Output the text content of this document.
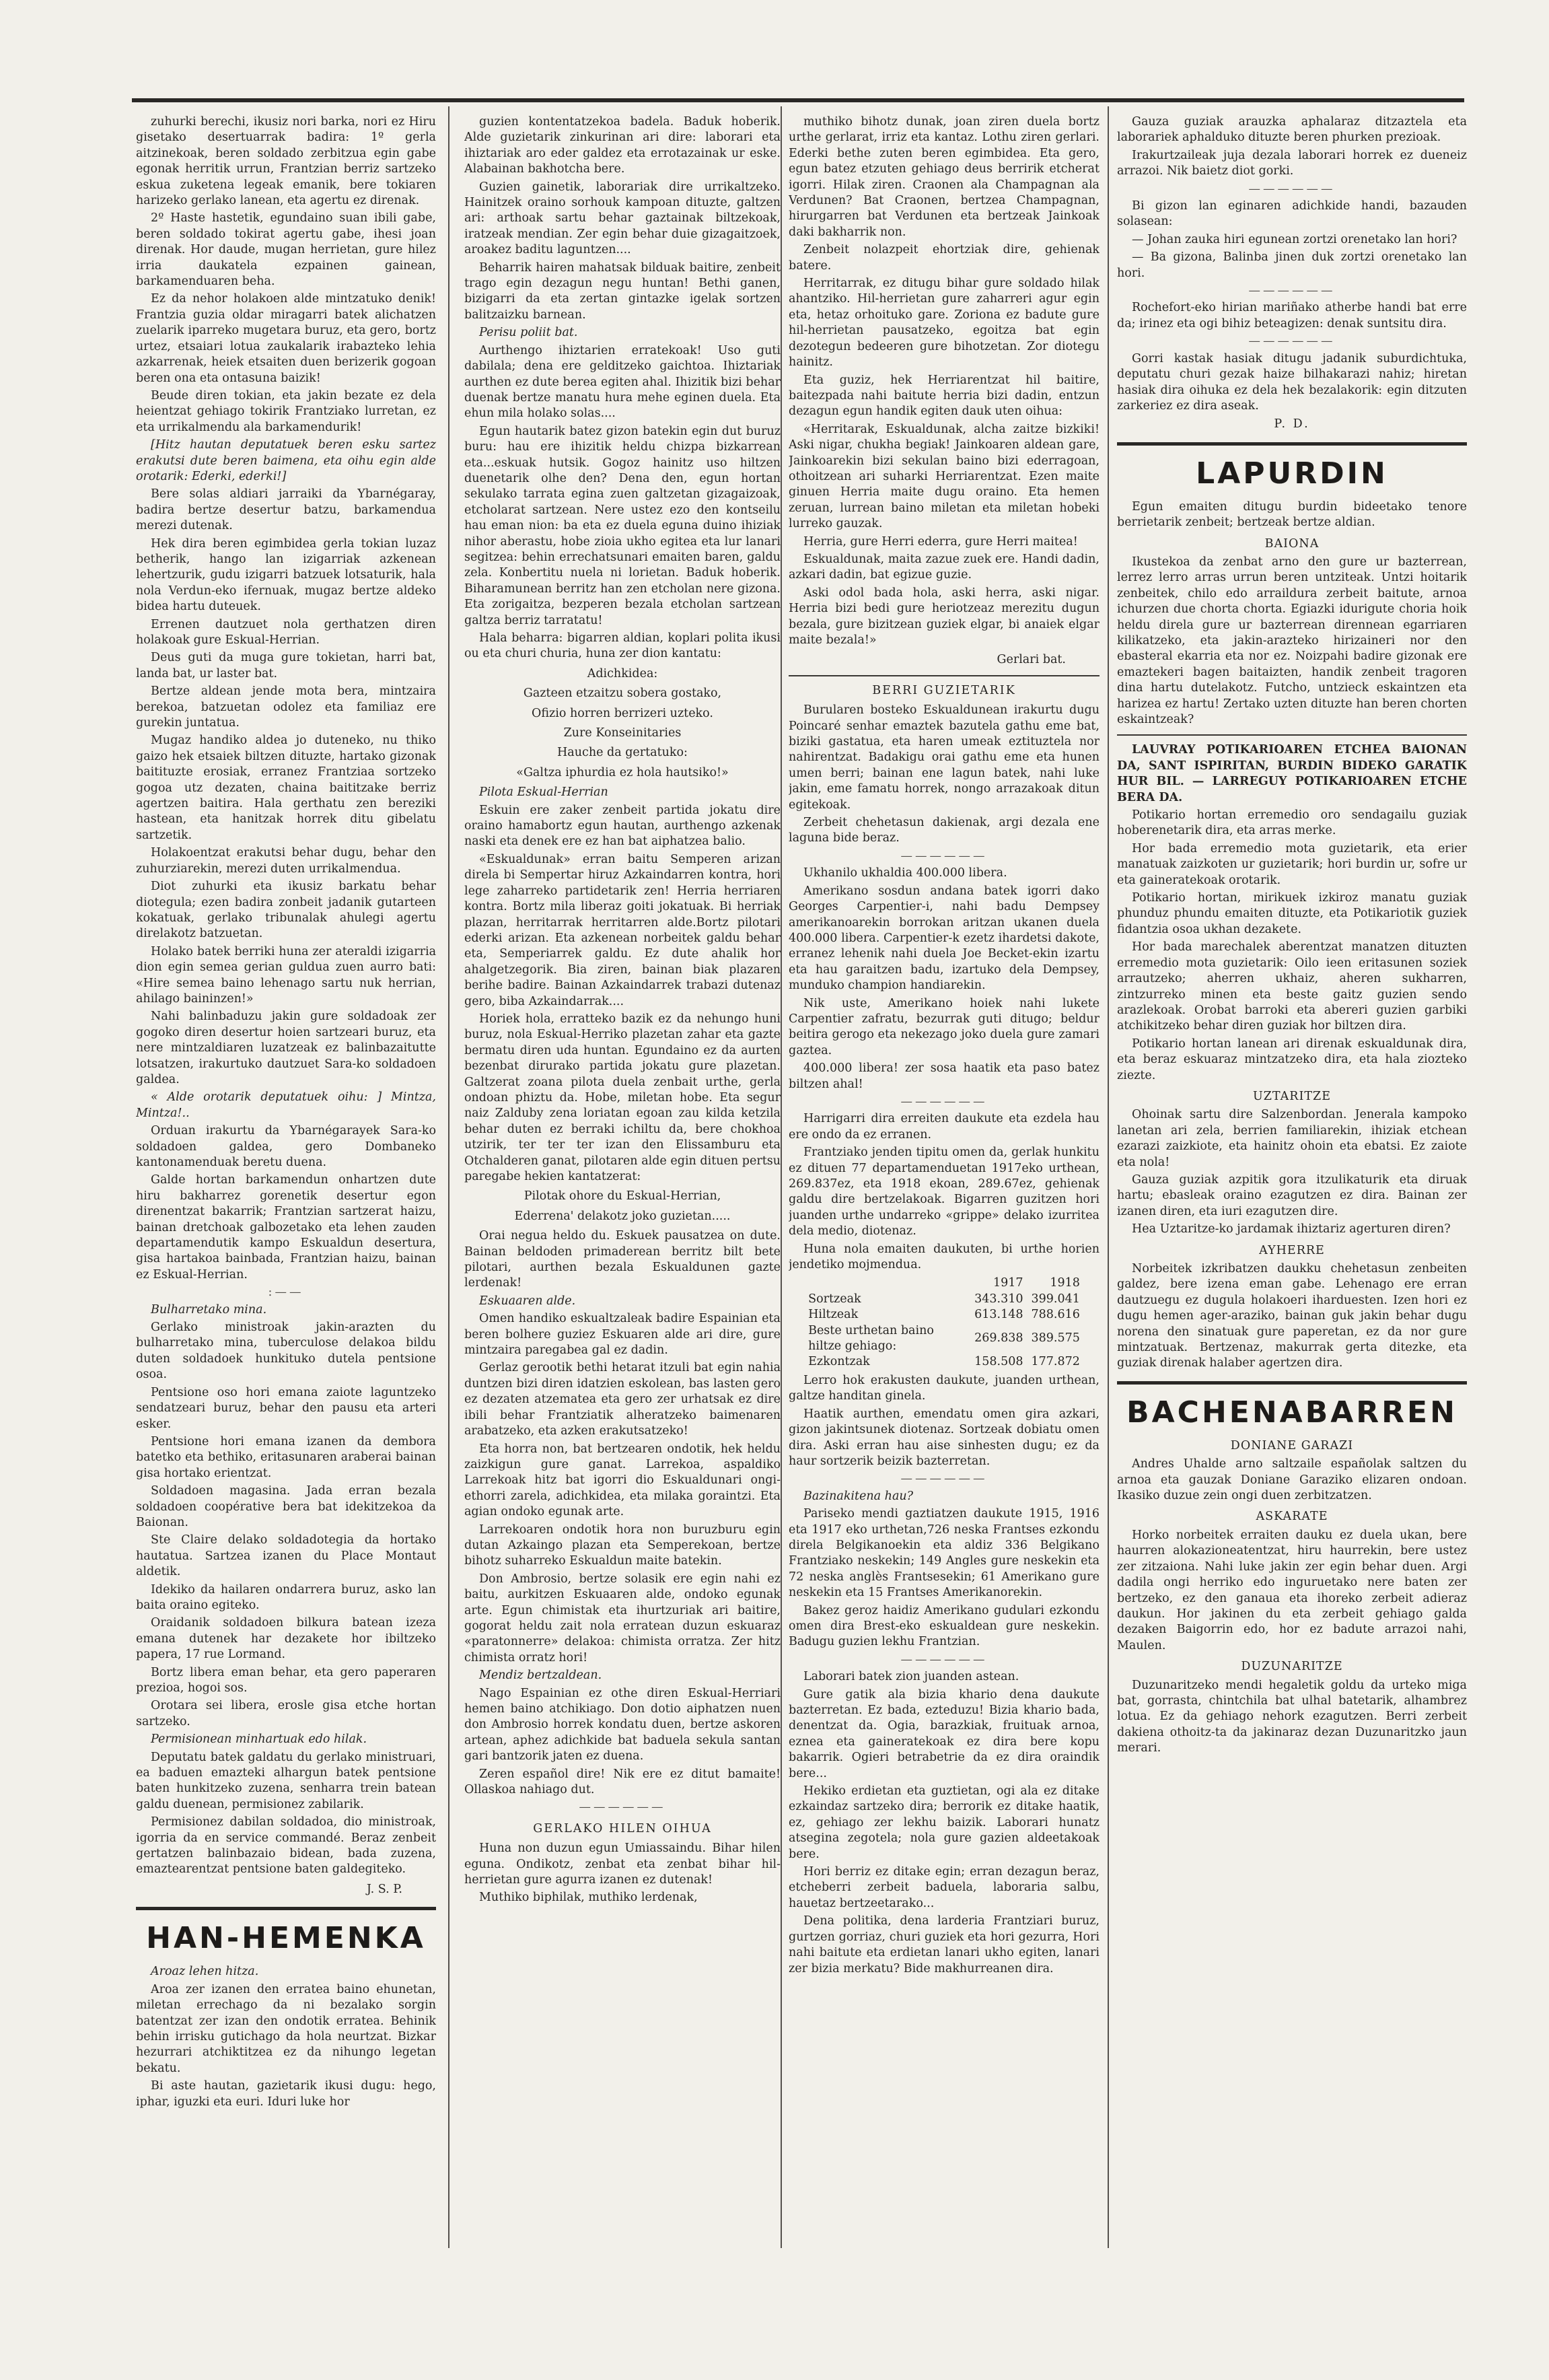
zuhurki berechi, ikusiz nori barka, nori ez Hiru gisetako desertuarrak badira: 1º gerla aitzinekoak, beren soldado zerbitzua egin gabe egonak herritik urrun, Frantzian berriz sartzeko eskua zuketena legeak emanik, bere tokiaren harizeko gerlako lanean, eta agertu ez direnak.

2º Haste hastetik, egundaino suan ibili gabe, beren soldado tokirat agertu gabe, ihesi joan direnak. Hor daude, mugan herrietan, gure hilez irria daukatela ezpainen gainean, barkamenduaren beha.

Ez da nehor holakoen alde mintzatuko denik! Frantzia guzia oldar miragarri batek alichatzen zuelarik iparreko mugetara buruz, eta gero, bortz urtez, etsaiari lotua zaukalarik irabazteko lehia azkarrenak, heiek etsaiten duen berizerik gogoan beren ona eta ontasuna baizik!

Beude diren tokian, eta jakin bezate ez dela heientzat gehiago tokirik Frantziako lurretan, ez eta urrikalmendu ala barkamendurik!

[Hitz hautan deputatuek beren esku sartez erakutsi dute beren baimena, eta oihu egin alde orotarik: Ederki, ederki!]

Bere solas aldiari jarraiki da Ybarnégaray, badira bertze desertur batzu, barkamendua merezi dutenak.

Hek dira beren egimbidea gerla tokian luzaz betherik, hango lan izigarriak azkenean lehertzurik, gudu izigarri batzuek lotsaturik, hala nola Verdun-eko ifernuak, mugaz bertze aldeko bidea hartu duteuek.

Errenen dautzuet nola gerthatzen diren holakoak gure Eskual-Herrian.

Deus guti da muga gure tokietan, harri bat, landa bat, ur laster bat.

Bertze aldean jende mota bera, mintzaira berekoa, batzuetan odolez eta familiaz ere gurekin juntatua.

Mugaz handiko aldea jo duteneko, nu thiko gaizo hek etsaiek biltzen dituzte, hartako gizonak baitituzte erosiak, erranez Frantziaa sortzeko gogoa utz dezaten, chaina baititzake berriz agertzen baitira. Hala gerthatu zen bereziki hastean, eta hanitzak horrek ditu gibelatu sartzetik.

Holakoentzat erakutsi behar dugu, behar den zuhurziarekin, merezi duten urrikalmendua.

Diot zuhurki eta ikusiz barkatu behar diotegula; ezen badira zonbeit jadanik gutarteen kokatuak, gerlako tribunalak ahulegi agertu direlakotz batzuetan.

Holako batek berriki huna zer ateraldi izigarria dion egin semea gerian guldua zuen aurro bati: «Hire semea baino lehenago sartu nuk herrian, ahilago baininzen!»

Nahi balinbaduzu jakin gure soldadoak zer gogoko diren desertur hoien sartzeari buruz, eta nere mintzaldiaren luzatzeak ez balinbazaitutte lotsatzen, irakurtuko dautzuet Sara-ko soldadoen galdea.

« Alde orotarik deputatuek oihu: ] Mintza, Mintza!..

Orduan irakurtu da Ybarnégarayek Sara-ko soldadoen galdea, gero Dombaneko kantonamenduak beretu duena.

Galde hortan barkamendun onhartzen dute hiru bakharrez gorenetik desertur egon direnentzat bakarrik; Frantzian sartzerat haizu, bainan dretchoak galbozetako eta lehen zauden departamendutik kampo Eskualdun desertura, gisa hartakoa bainbada, Frantzian haizu, bainan ez Eskual-Herrian.

:——

Bulharretako mina.

Gerlako ministroak jakin-arazten du bulharretako mina, tuberculose delakoa bildu duten soldadoek hunkituko dutela pentsione osoa.

Pentsione oso hori emana zaiote laguntzeko sendatzeari buruz, behar den pausu eta arteri esker.

Pentsione hori emana izanen da dembora batetko eta bethiko, eritasunaren araberai bainan gisa hortako erientzat.

Soldadoen magasina. Jada erran bezala soldadoen coopérative bera bat idekitzekoa da Baionan.

Ste Claire delako soldadotegia da hortako hautatua. Sartzea izanen du Place Montaut aldetik.

Idekiko da hailaren ondarrera buruz, asko lan baita oraino egiteko.

Oraidanik soldadoen bilkura batean izeza emana dutenek har dezakete hor ibiltzeko papera, 17 rue Lormand.

Bortz libera eman behar, eta gero paperaren prezioa, hogoi sos.

Orotara sei libera, erosle gisa etche hortan sartzeko.

Permisionean minhartuak edo hilak.

Deputatu batek galdatu du gerlako ministruari, ea baduen emazteki alhargun batek pentsione baten hunkitzeko zuzena, senharra trein batean galdu duenean, permisionez zabilarik.

Permisionez dabilan soldadoa, dio ministroak, igorria da en service commandé. Beraz zenbeit gertatzen balinbazaio bidean, bada zuzena, emaztearentzat pentsione baten galdegiteko.

J. S. P.
HAN-HEMENKA

Aroaz lehen hitza.

Aroa zer izanen den erratea baino ehunetan, miletan errechago da ni bezalako sorgin batentzat zer izan den ondotik erratea. Behinik behin irrisku gutichago da hola neurtzat. Bizkar hezurrari atchiktitzea ez da nihungo legetan bekatu.

Bi aste hautan, gazietarik ikusi dugu: hego, iphar, iguzki eta euri. Iduri luke hor

guzien kontentatzekoa badela. Baduk hoberik. Alde guzietarik zinkurinan ari dire: laborari eta ihiztariak aro eder galdez eta errotazainak ur eske. Alabainan bakhotcha bere.

Guzien gainetik, laborariak dire urrikaltzeko. Hainitzek oraino sorhouk kampoan dituzte, galtzen ari: arthoak sartu behar gaztainak biltzekoak, iratzeak mendian. Zer egin behar duie gizagaitzoek, aroakez baditu laguntzen....

Beharrik hairen mahatsak bilduak baitire, zenbeit trago egin dezagun negu huntan! Bethi ganen, bizigarri da eta zertan gintazke igelak sortzen balitzaizku barnean.

Perisu poliit bat.

Aurthengo ihiztarien erratekoak! Uso guti dabilala; dena ere gelditzeko gaichtoa. Ihiztariak aurthen ez dute berea egiten ahal. Ihizitik bizi behar duenak bertze manatu hura mehe eginen duela. Eta ehun mila holako solas....

Egun hautarik batez gizon batekin egin dut buruz buru: hau ere ihizitik heldu chizpa bizkarrean eta...eskuak hutsik. Gogoz hainitz uso hiltzen duenetarik olhe den? Dena den, egun hortan sekulako tarrata egina zuen galtzetan gizagaizoak, etcholarat sartzean. Nere ustez ezo den kontseilu hau eman nion: ba eta ez duela eguna duino ihiziak nihor aberastu, hobe zioia ukho egitea eta lur lanari segitzea: behin errechatsunari emaiten baren, galdu zela. Konbertitu nuela ni lorietan. Baduk hoberik. Biharamunean berritz han zen etcholan nere gizona. Eta zorigaitza, bezperen bezala etcholan sartzean galtza berriz tarratatu!

Hala beharra: bigarren aldian, koplari polita ikusi ou eta churi churia, huna zer dion kantatu:

Adichkidea:
Gazteen etzaitzu sobera gostako,
Ofizio horren berrizeri uzteko.
Zure Konseinitaries
Hauche da gertatuko:
«Galtza iphurdia ez hola hautsiko!»

Pilota Eskual-Herrian

Eskuin ere zaker zenbeit partida jokatu dire oraino hamabortz egun hautan, aurthengo azkenak naski eta denek ere ez han bat aiphatzea balio.

«Eskualdunak» erran baitu Semperen arizan direla bi Sempertar hiruz Azkaindarren kontra, hori lege zaharreko partidetarik zen! Herria herriaren kontra. Bortz mila liberaz goiti jokatuak. Bi herriak plazan, herritarrak herritarren alde.Bortz pilotari ederki arizan. Eta azkenean norbeitek galdu behar eta, Semperiarrek galdu. Ez dute ahalik hor ahalgetzegorik. Bia ziren, bainan biak plazaren berihe badire. Bainan Azkaindarrek trabazi dutenaz gero, biba Azkaindarrak....

Horiek hola, erratteko bazik ez da nehungo huni buruz, nola Eskual-Herriko plazetan zahar eta gazte bermatu diren uda huntan. Egundaino ez da aurten bezenbat dirurako partida jokatu gure plazetan. Galtzerat zoana pilota duela zenbait urthe, gerla ondoan phiztu da. Hobe, miletan hobe. Eta segur naiz Zalduby zena loriatan egoan zau kilda ketzila behar duten ez berraki ichiltu da, bere chokhoa utzirik, ter ter ter izan den Elissamburu eta Otchalderen ganat, pilotaren alde egin dituen pertsu paregabe hekien kantatzerat:

Pilotak ohore du Eskual-Herrian,
Ederrena' delakotz joko guzietan.....

Orai negua heldo du. Eskuek pausatzea on dute. Bainan beldoden primaderean berritz bilt bete pilotari, aurthen bezala Eskualdunen gazte lerdenak!

Eskuaaren alde.

Omen handiko eskualtzaleak badire Espainian eta beren bolhere guziez Eskuaren alde ari dire, gure mintzaira paregabea gal ez dadin.

Gerlaz gerootik bethi hetarat itzuli bat egin nahia duntzen bizi diren idatzien eskolean, bas lasten gero ez dezaten atzematea eta gero zer urhatsak ez dire ibili behar Frantziatik alheratzeko baimenaren arabatzeko, eta azken erakutsatzeko!

Eta horra non, bat bertzearen ondotik, hek heldu zaizkigun gure ganat. Larrekoa, aspaldiko Larrekoak hitz bat igorri dio Eskualdunari ongi-ethorri zarela, adichkidea, eta milaka goraintzi. Eta agian ondoko egunak arte.

Larrekoaren ondotik hora non buruzburu egin dutan Azkaingo plazan eta Semperekoan, bertze bihotz suharreko Eskualdun maite batekin.

Don Ambrosio, bertze solasik ere egin nahi ez baitu, aurkitzen Eskuaaren alde, ondoko egunak arte. Egun chimistak eta ihurtzuriak ari baitire, gogorat heldu zait nola erratean duzun eskuaraz «paratonnerre» delakoa: chimista orratza. Zer hitz chimista orratz hori!

Mendiz bertzaldean.

Nago Espainian ez othe diren Eskual-Herriari hemen baino atchikiago. Don dotio aiphatzen nuen don Ambrosio horrek kondatu duen, bertze askoren artean, aphez adichkide bat baduela sekula santan gari bantzorik jaten ez duena.

Zeren español dire! Nik ere ez ditut bamaite! Ollaskoa nahiago dut.

——————
GERLAKO HILEN OIHUA

Huna non duzun egun Umiassaindu. Bihar hilen eguna. Ondikotz, zenbat eta zenbat bihar hil-herrietan gure agurra izanen ez dutenak!

Muthiko biphilak, muthiko lerdenak,

muthiko bihotz dunak, joan ziren duela bortz urthe gerlarat, irriz eta kantaz. Lothu ziren gerlari. Ederki bethe zuten beren egimbidea. Eta gero, egun batez etzuten gehiago deus berririk etcherat igorri. Hilak ziren. Craonen ala Champagnan ala Verdunen? Bat Craonen, bertzea Champagnan, hirurgarren bat Verdunen eta bertzeak Jainkoak daki bakharrik non.

Zenbeit nolazpeit ehortziak dire, gehienak batere.

Herritarrak, ez ditugu bihar gure soldado hilak ahantziko. Hil-herrietan gure zaharreri agur egin eta, hetaz orhoituko gare. Zoriona ez badute gure hil-herrietan pausatzeko, egoitza bat egin dezotegun bedeeren gure bihotzetan. Zor diotegu hainitz.

Eta guziz, hek Herriarentzat hil baitire, baitezpada nahi baitute herria bizi dadin, entzun dezagun egun handik egiten dauk uten oihua:

«Herritarak, Eskualdunak, alcha zaitze bizkiki! Aski nigar, chukha begiak! Jainkoaren aldean gare, Jainkoarekin bizi sekulan baino bizi ederragoan, othoitzean ari suharki Herriarentzat. Ezen maite ginuen Herria maite dugu oraino. Eta hemen zeruan, lurrean baino miletan eta miletan hobeki lurreko gauzak.

Herria, gure Herri ederra, gure Herri maitea!

Eskualdunak, maita zazue zuek ere. Handi dadin, azkari dadin, bat egizue guzie.

Aski odol bada hola, aski herra, aski nigar. Herria bizi bedi gure heriotzeaz merezitu dugun bezala, gure bizitzean guziek elgar, bi anaiek elgar maite bezala!»

Gerlari bat.
BERRI GUZIETARIK

Burularen bosteko Eskualdunean irakurtu dugu Poincaré senhar emaztek bazutela gathu eme bat, biziki gastatua, eta haren umeak eztituztela nor nahirentzat. Badakigu orai gathu eme eta hunen umen berri; bainan ene lagun batek, nahi luke jakin, eme famatu horrek, nongo arrazakoak ditun egitekoak.

Zerbeit chehetasun dakienak, argi dezala ene laguna bide beraz.

——————

Ukhanilo ukhaldia 400.000 libera.

Amerikano sosdun andana batek igorri dako Georges Carpentier-i, nahi badu Dempsey amerikanoarekin borrokan aritzan ukanen duela 400.000 libera. Carpentier-k ezetz ihardetsi dakote, erranez lehenik nahi duela Joe Becket-ekin izartu eta hau garaitzen badu, izartuko dela Dempsey, munduko champion handiarekin.

Nik uste, Amerikano hoiek nahi lukete Carpentier zafratu, bezurrak guti ditugo; beldur beitira gerogo eta nekezago joko duela gure zamari gaztea.

400.000 libera! zer sosa haatik eta paso batez biltzen ahal!

——————

Harrigarri dira erreiten daukute eta ezdela hau ere ondo da ez erranen.

Frantziako jenden tipitu omen da, gerlak hunkitu ez dituen 77 departamenduetan 1917eko urthean, 269.837ez, eta 1918 ekoan, 289.67ez, gehienak galdu dire bertzelakoak. Bigarren guzitzen hori juanden urthe undarreko «grippe» delako izurritea dela medio, diotenaz.

Huna nola emaiten daukuten, bi urthe horien jendetiko mojmendua.

	1917	1918
Sortzeak	343.310	399.041
Hiltzeak	613.148	788.616
Beste urthetan baino hiltze gehiago:	269.838	389.575
Ezkontzak	158.508	177.872

Lerro hok erakusten daukute, juanden urthean, galtze handitan ginela.

Haatik aurthen, emendatu omen gira azkari, gizon jakintsunek diotenaz. Sortzeak dobiatu omen dira. Aski erran hau aise sinhesten dugu; ez da haur sortzerik beizik bazterretan.

——————

Bazinakitena hau?

Pariseko mendi gaztiatzen daukute 1915, 1916 eta 1917 eko urthetan,726 neska Frantses ezkondu direla Belgikanoekin eta aldiz 336 Belgikano Frantziako neskekin; 149 Angles gure neskekin eta 72 neska anglès Frantsesekin; 61 Amerikano gure neskekin eta 15 Frantses Amerikanorekin.

Bakez geroz haidiz Amerikano gudulari ezkondu omen dira Brest-eko eskualdean gure neskekin. Badugu guzien lekhu Frantzian.

——————

Laborari batek zion juanden astean.

Gure gatik ala bizia khario dena daukute bazterretan. Ez bada, ezteduzu! Bizia khario bada, denentzat da. Ogia, barazkiak, fruituak arnoa, eznea eta gaineratekoak ez dira bere kopu bakarrik. Ogieri betrabetrie da ez dira oraindik bere...

Hekiko erdietan eta guztietan, ogi ala ez ditake ezkaindaz sartzeko dira; berrorik ez ditake haatik, ez, gehiago zer lekhu baizik. Laborari hunatz atsegina zegotela; nola gure gazien aldeetakoak bere.

Hori berriz ez ditake egin; erran dezagun beraz, etcheberri zerbeit baduela, laboraria salbu, hauetaz bertzeetarako...

Dena politika, dena larderia Frantziari buruz, gurtzen gorriaz, churi guziek eta hori gezurra, Hori nahi baitute eta erdietan lanari ukho egiten, lanari zer bizia merkatu? Bide makhurreanen dira.

Gauza guziak arauzka aphalaraz ditzaztela eta laborariek aphalduko dituzte beren phurken prezioak.

Irakurtzaileak juja dezala laborari horrek ez dueneiz arrazoi. Nik baietz diot gorki.

——————

Bi gizon lan eginaren adichkide handi, bazauden solasean:

— Johan zauka hiri egunean zortzi orenetako lan hori?

— Ba gizona, Balinba jinen duk zortzi orenetako lan hori.

——————

Rochefort-eko hirian mariñako atherbe handi bat erre da; irinez eta ogi bihiz beteagizen: denak suntsitu dira.

——————

Gorri kastak hasiak ditugu jadanik suburdichtuka, deputatu churi gezak haize bilhakarazi nahiz; hiretan hasiak dira oihuka ez dela hek bezalakorik: egin ditzuten zarkeriez ez dira aseak.

P. D.
LAPURDIN

Egun emaiten ditugu burdin bideetako tenore berrietarik zenbeit; bertzeak bertze aldian.

BAIONA

Ikustekoa da zenbat arno den gure ur bazterrean, lerrez lerro arras urrun beren untziteak. Untzi hoitarik zenbeitek, chilo edo arraildura zerbeit baitute, arnoa ichurzen due chorta chorta. Egiazki idurigute choria hoik heldu direla gure ur bazterrean dirennean egarriaren kilikatzeko, eta jakin-arazteko hirizaineri nor den ebasteral ekarria eta nor ez. Noizpahi badire gizonak ere emaztekeri bagen baitaizten, handik zenbeit tragoren dina hartu dutelakotz. Futcho, untzieck eskaintzen eta harizea ez hartu! Zertako uzten dituzte han beren chorten eskaintzeak?

LAUVRAY POTIKARIOAREN ETCHEA BAIONAN DA, SANT ISPIRITAN, BURDIN BIDEKO GARATIK HUR BIL. — LARREGUY POTIKARIOAREN ETCHE BERA DA.

Potikario hortan erremedio oro sendagailu guziak hoberenetarik dira, eta arras merke.

Hor bada erremedio mota guzietarik, eta erier manatuak zaizkoten ur guzietarik; hori burdin ur, sofre ur eta gaineratekoak orotarik.

Potikario hortan, mirikuek izkiroz manatu guziak phunduz phundu emaiten dituzte, eta Potikariotik guziek fidantzia osoa ukhan dezakete.

Hor bada marechalek aberentzat manatzen dituzten erremedio mota guzietarik: Oilo ieen eritasunen soziek arrautzeko; aherren ukhaiz, aheren sukharren, zintzurreko minen eta beste gaitz guzien sendo arazlekoak. Orobat barroki eta abereri guzien garbiki atchikitzeko behar diren guziak hor biltzen dira.

Potikario hortan lanean ari direnak eskualdunak dira, eta beraz eskuaraz mintzatzeko dira, eta hala ziozteko ziezte.

UZTARITZE

Ohoinak sartu dire Salzenbordan. Jenerala kampoko lanetan ari zela, berrien familiarekin, ihiziak etchean ezarazi zaizkiote, eta hainitz ohoin eta ebatsi. Ez zaiote eta nola!

Gauza guziak azpitik gora itzulikaturik eta diruak hartu; ebasleak oraino ezagutzen ez dira. Bainan zer izanen diren, eta iuri ezagutzen dire.

Hea Uztaritze-ko jardamak ihiztariz agerturen diren?

AYHERRE

Norbeitek izkribatzen daukku chehetasun zenbeiten galdez, bere izena eman gabe. Lehenago ere erran dautzuegu ez dugula holakoeri iharduesten. Izen hori ez dugu hemen ager-araziko, bainan guk jakin behar dugu norena den sinatuak gure paperetan, ez da nor gure mintzatuak. Bertzenaz, makurrak gerta ditezke, eta guziak direnak halaber agertzen dira.

BACHENABARREN
DONIANE GARAZI

Andres Uhalde arno saltzaile españolak saltzen du arnoa eta gauzak Doniane Garaziko elizaren ondoan. Ikasiko duzue zein ongi duen zerbitzatzen.

ASKARATE

Horko norbeitek erraiten dauku ez duela ukan, bere haurren alokazioneatentzat, hiru haurrekin, bere ustez zer zitzaiona. Nahi luke jakin zer egin behar duen. Argi dadila ongi herriko edo inguruetako nere baten zer bertzeko, ez den ganaua eta ihoreko zerbeit adieraz daukun. Hor jakinen du eta zerbeit gehiago galda dezaken Baigorrin edo, hor ez badute arrazoi nahi, Maulen.

DUZUNARITZE

Duzunaritzeko mendi hegaletik goldu da urteko miga bat, gorrasta, chintchila bat ulhal batetarik, alhambrez lotua. Ez da gehiago nehork ezagutzen. Berri zerbeit dakiena othoitz-ta da jakinaraz dezan Duzunaritzko jaun merari.
